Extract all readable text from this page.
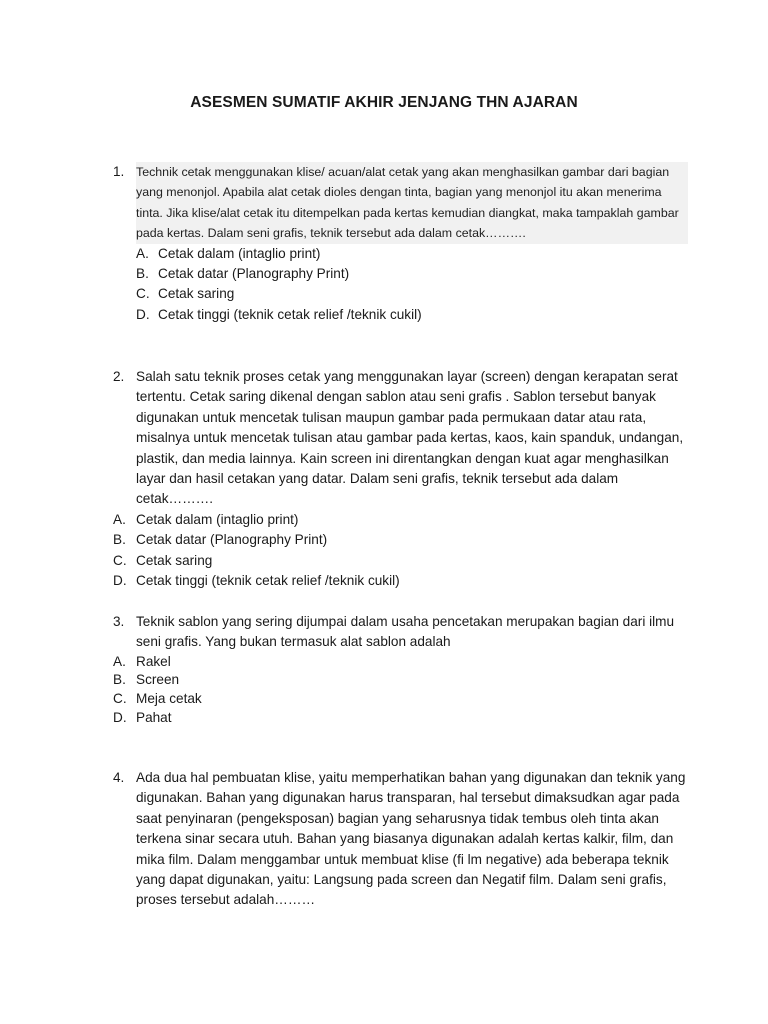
ASESMEN SUMATIF AKHIR JENJANG THN AJARAN
1. Technik cetak menggunakan klise/ acuan/alat cetak yang akan menghasilkan gambar dari bagian yang menonjol. Apabila alat cetak dioles dengan tinta, bagian yang menonjol itu akan menerima tinta. Jika klise/alat cetak itu ditempelkan pada kertas kemudian diangkat, maka tampaklah gambar pada kertas. Dalam seni grafis, teknik tersebut ada dalam cetak……….
A. Cetak dalam (intaglio print)
B. Cetak datar (Planography Print)
C. Cetak saring
D. Cetak tinggi (teknik cetak relief /teknik cukil)
2. Salah satu teknik proses cetak yang menggunakan layar (screen) dengan kerapatan serat tertentu. Cetak saring dikenal dengan sablon atau seni grafis . Sablon tersebut banyak digunakan untuk mencetak tulisan maupun gambar pada permukaan datar atau rata, misalnya untuk mencetak tulisan atau gambar pada kertas, kaos, kain spanduk, undangan, plastik, dan media lainnya. Kain screen ini direntangkan dengan kuat agar menghasilkan layar dan hasil cetakan yang datar. Dalam seni grafis, teknik tersebut ada dalam cetak……….
A. Cetak dalam (intaglio print)
B. Cetak datar (Planography Print)
C. Cetak saring
D. Cetak tinggi (teknik cetak relief /teknik cukil)
3. Teknik sablon yang sering dijumpai dalam usaha pencetakan merupakan bagian dari ilmu seni grafis. Yang bukan termasuk alat sablon adalah
A. Rakel
B. Screen
C. Meja cetak
D. Pahat
4. Ada dua hal pembuatan klise, yaitu memperhatikan bahan yang digunakan dan teknik yang digunakan. Bahan yang digunakan harus transparan, hal tersebut dimaksudkan agar pada saat penyinaran (pengeksposan) bagian yang seharusnya tidak tembus oleh tinta akan terkena sinar secara utuh. Bahan yang biasanya digunakan adalah kertas kalkir, film, dan mika film. Dalam menggambar untuk membuat klise (fi lm negative) ada beberapa teknik yang dapat digunakan, yaitu: Langsung pada screen dan Negatif film. Dalam seni grafis, proses tersebut adalah………
